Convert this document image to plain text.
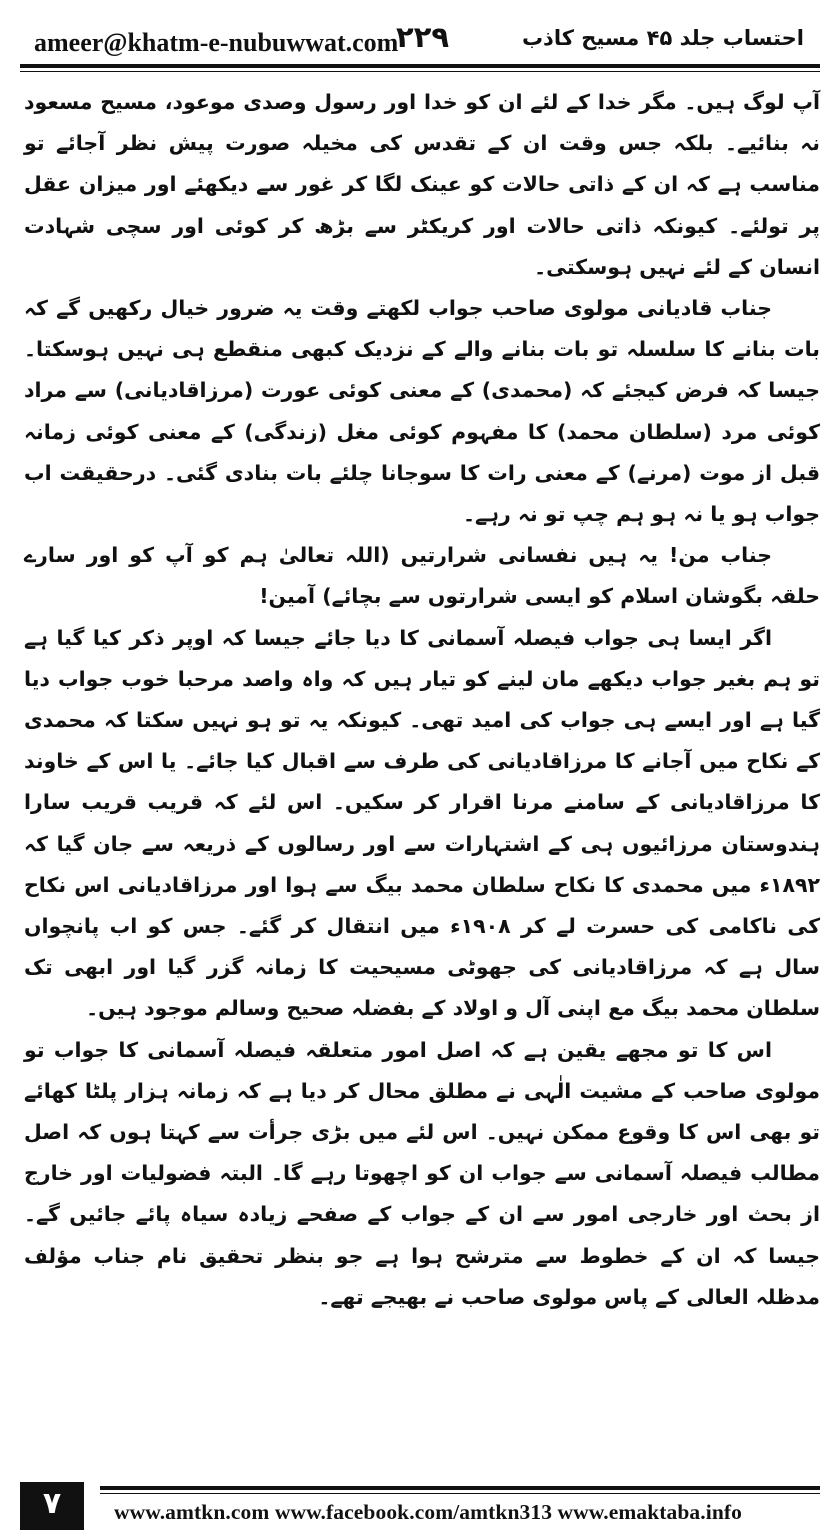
ameer@khatm-e-nubuwwat.com
۲۲۹	احتساب جلد ۴۵ مسیح کاذب

آپ لوگ ہیں۔ مگر خدا کے لئے ان کو خدا اور رسول وصدی موعود، مسیح مسعود نہ بنائیے۔ بلکہ جس وقت ان کے تقدس کی مخیلہ صورت پیش نظر آجائے تو مناسب ہے کہ ان کے ذاتی حالات کو عینک لگا کر غور سے دیکھئے اور میزان عقل پر تولئے۔ کیونکہ ذاتی حالات اور کریکٹر سے بڑھ کر کوئی اور سچی شہادت انسان کے لئے نہیں ہوسکتی۔

جناب قادیانی مولوی صاحب جواب لکھتے وقت یہ ضرور خیال رکھیں گے کہ بات بنانے کا سلسلہ تو بات بنانے والے کے نزدیک کبھی منقطع ہی نہیں ہوسکتا۔ جیسا کہ فرض کیجئے کہ (محمدی) کے معنی کوئی عورت (مرزاقادیانی) سے مراد کوئی مرد (سلطان محمد) کا مفہوم کوئی مغل (زندگی) کے معنی کوئی زمانہ قبل از موت (مرنے) کے معنی رات کا سوجانا چلئے بات بنادی گئی۔ درحقیقت اب جواب ہو یا نہ ہو ہم چپ تو نہ رہے۔

جناب من! یہ ہیں نفسانی شرارتیں (اللہ تعالیٰ ہم کو آپ کو اور سارے حلقہ بگوشان اسلام کو ایسی شرارتوں سے بچائے) آمین!

اگر ایسا ہی جواب فیصلہ آسمانی کا دیا جائے جیسا کہ اوپر ذکر کیا گیا ہے تو ہم بغیر جواب دیکھے مان لینے کو تیار ہیں کہ واہ واصد مرحبا خوب جواب دیا گیا ہے اور ایسے ہی جواب کی امید تھی۔ کیونکہ یہ تو ہو نہیں سکتا کہ محمدی کے نکاح میں آجانے کا مرزاقادیانی کی طرف سے اقبال کیا جائے۔ یا اس کے خاوند کا مرزاقادیانی کے سامنے مرنا اقرار کر سکیں۔ اس لئے کہ قریب قریب سارا ہندوستان مرزائیوں ہی کے اشتہارات سے اور رسالوں کے ذریعہ سے جان گیا کہ ۱۸۹۲ء میں محمدی کا نکاح سلطان محمد بیگ سے ہوا اور مرزاقادیانی اس نکاح کی ناکامی کی حسرت لے کر ۱۹۰۸ء میں انتقال کر گئے۔ جس کو اب پانچواں سال ہے کہ مرزاقادیانی کی جھوٹی مسیحیت کا زمانہ گزر گیا اور ابھی تک سلطان محمد بیگ مع اپنی آل و اولاد کے بفضلہ صحیح وسالم موجود ہیں۔

اس کا تو مجھے یقین ہے کہ اصل امور متعلقہ فیصلہ آسمانی کا جواب تو مولوی صاحب کے مشیت الٰہی نے مطلق محال کر دیا ہے کہ زمانہ ہزار پلٹا کھائے تو بھی اس کا وقوع ممکن نہیں۔ اس لئے میں بڑی جرأت سے کہتا ہوں کہ اصل مطالب فیصلہ آسمانی سے جواب ان کو اچھوتا رہے گا۔ البتہ فضولیات اور خارج از بحث اور خارجی امور سے ان کے جواب کے صفحے زیادہ سیاہ پائے جائیں گے۔ جیسا کہ ان کے خطوط سے مترشح ہوا ہے جو بنظر تحقیق نام جناب مؤلف مدظلہ العالی کے پاس مولوی صاحب نے بھیجے تھے۔

۷	www.amtkn.com www.facebook.com/amtkn313 www.emaktaba.info
